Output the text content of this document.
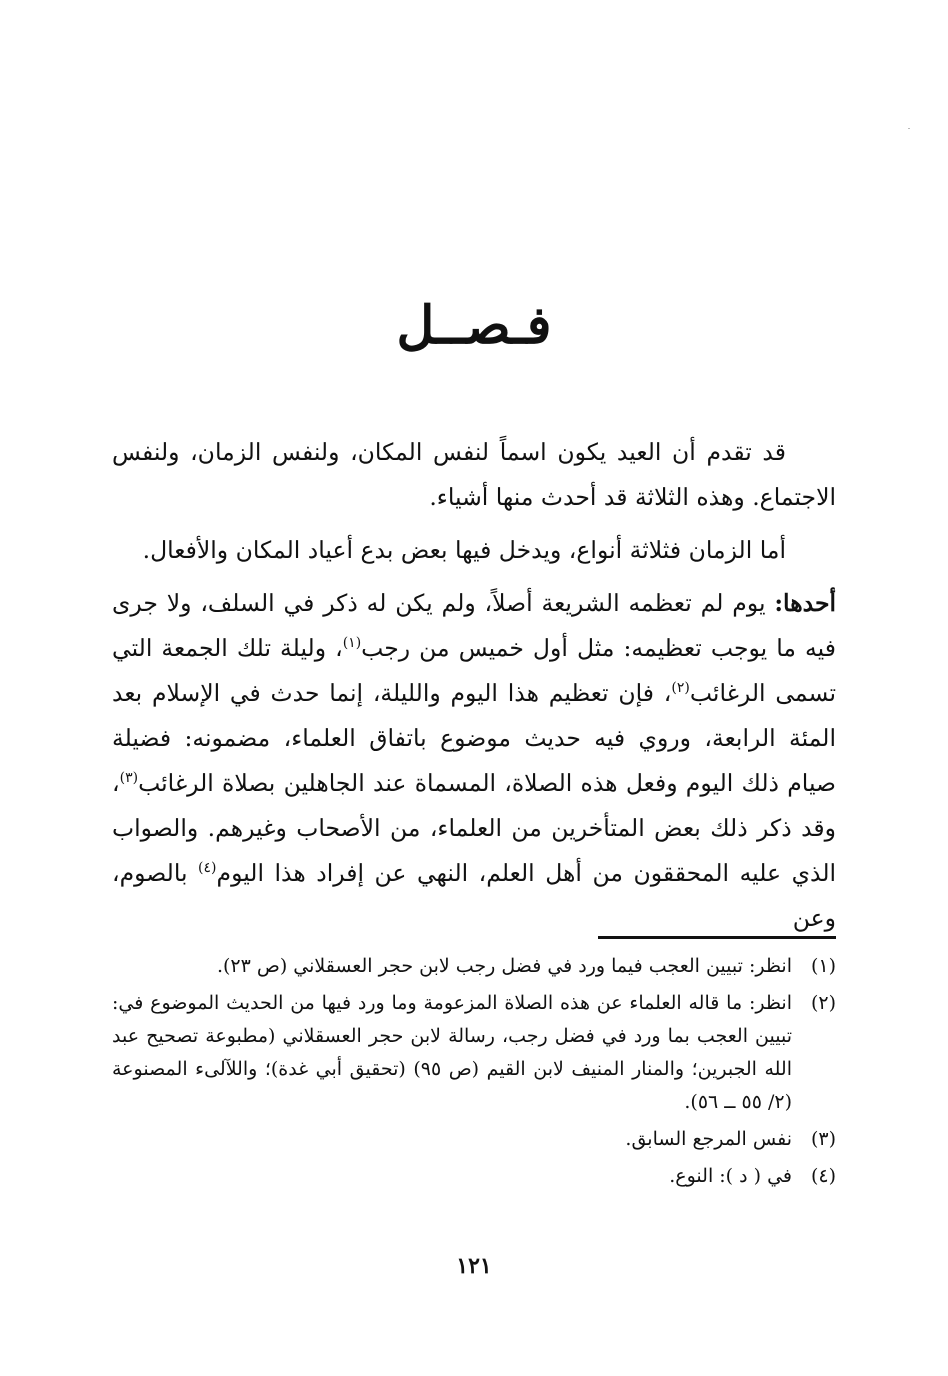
فـصــل

قد تقدم أن العيد يكون اسماً لنفس المكان، ولنفس الزمان، ولنفس الاجتماع. وهذه الثلاثة قد أحدث منها أشياء.

أما الزمان فثلاثة أنواع، ويدخل فيها بعض بدع أعياد المكان والأفعال.

أحدها: يوم لم تعظمه الشريعة أصلاً، ولم يكن له ذكر في السلف، ولا جرى فيه ما يوجب تعظيمه: مثل أول خميس من رجب$^{(١)}$، وليلة تلك الجمعة التي تسمى الرغائب$^{(٢)}$، فإن تعظيم هذا اليوم والليلة، إنما حدث في الإسلام بعد المئة الرابعة، وروي فيه حديث موضوع باتفاق العلماء، مضمونه: فضيلة صيام ذلك اليوم وفعل هذه الصلاة، المسماة عند الجاهلين بصلاة الرغائب$^{(٣)}$، وقد ذكر ذلك بعض المتأخرين من العلماء، من الأصحاب وغيرهم. والصواب الذي عليه المحققون من أهل العلم، النهي عن إفراد هذا اليوم$^{(٤)}$ بالصوم، وعن

(١)
انظر: تبيين العجب فيما ورد في فضل رجب لابن حجر العسقلاني (ص ٢٣).
(٢)
انظر: ما قاله العلماء عن هذه الصلاة المزعومة وما ورد فيها من الحديث الموضوع في: تبيين العجب بما ورد في فضل رجب، رسالة لابن حجر العسقلاني (مطبوعة تصحيح عبد الله الجبرين؛ والمنار المنيف لابن القيم (ص ٩٥) (تحقيق أبي غدة)؛ واللآلىء المصنوعة (٢/ ٥٥ ــ ٥٦).
(٣)
نفس المرجع السابق.
(٤)
في ( د ): النوع.
١٢١
